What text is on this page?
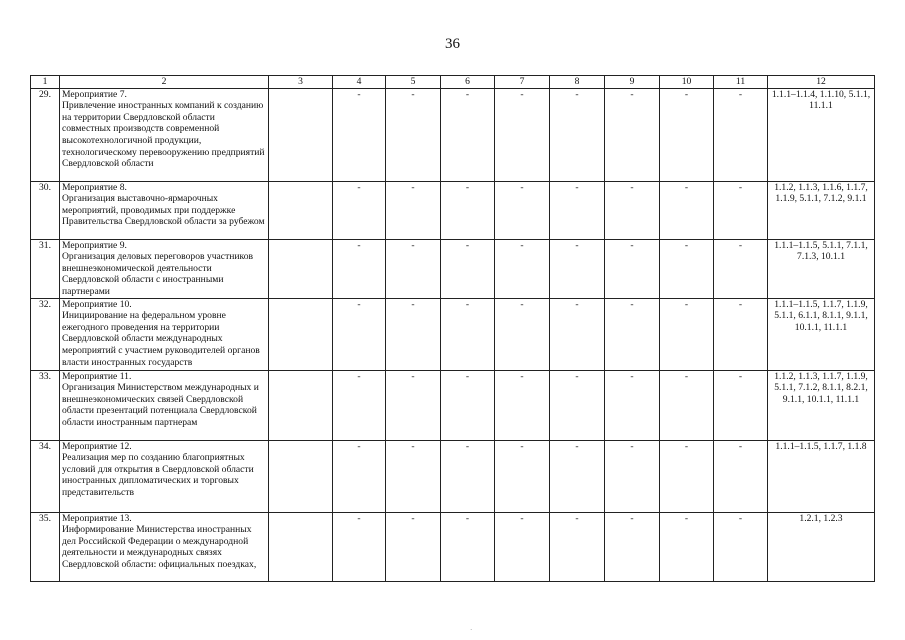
36
1	2	3	4	5	6	7	8	9	10	11	12
29.	Мероприятие 7.
Привлечение иностранных компаний к созданию на территории Свердловской области совместных производств современной высокотехнологичной продукции, технологическому перевооружению предприятий Свердловской области		-	-	-	-	-	-	-	-	1.1.1–1.1.4, 1.1.10, 5.1.1, 11.1.1
30.	Мероприятие 8.
Организация выставочно-ярмарочных мероприятий, проводимых при поддержке Правительства Свердловской области за рубежом		-	-	-	-	-	-	-	-	1.1.2, 1.1.3, 1.1.6, 1.1.7, 1.1.9, 5.1.1, 7.1.2, 9.1.1
31.	Мероприятие 9.
Организация деловых переговоров участников внешнеэкономической деятельности Свердловской области с иностранными партнерами		-	-	-	-	-	-	-	-	1.1.1–1.1.5, 5.1.1, 7.1.1, 7.1.3, 10.1.1
32.	Мероприятие 10.
Инициирование на федеральном уровне ежегодного проведения на территории Свердловской области международных мероприятий с участием руководителей органов власти иностранных государств		-	-	-	-	-	-	-	-	1.1.1–1.1.5, 1.1.7, 1.1.9, 5.1.1, 6.1.1, 8.1.1, 9.1.1, 10.1.1, 11.1.1
33.	Мероприятие 11.
Организация Министерством международных и внешнеэкономических связей Свердловской области презентаций потенциала Свердловской области иностранным партнерам		-	-	-	-	-	-	-	-	1.1.2, 1.1.3, 1.1.7, 1.1.9, 5.1.1, 7.1.2, 8.1.1, 8.2.1, 9.1.1, 10.1.1, 11.1.1
34.	Мероприятие 12.
Реализация мер по созданию благоприятных условий для открытия в Свердловской области иностранных дипломатических и торговых представительств		-	-	-	-	-	-	-	-	1.1.1–1.1.5, 1.1.7, 1.1.8
35.	Мероприятие 13.
Информирование Министерства иностранных дел Российской Федерации о международной деятельности и международных связях Свердловской области: официальных поездках,		-	-	-	-	-	-	-	-	1.2.1, 1.2.3
·
